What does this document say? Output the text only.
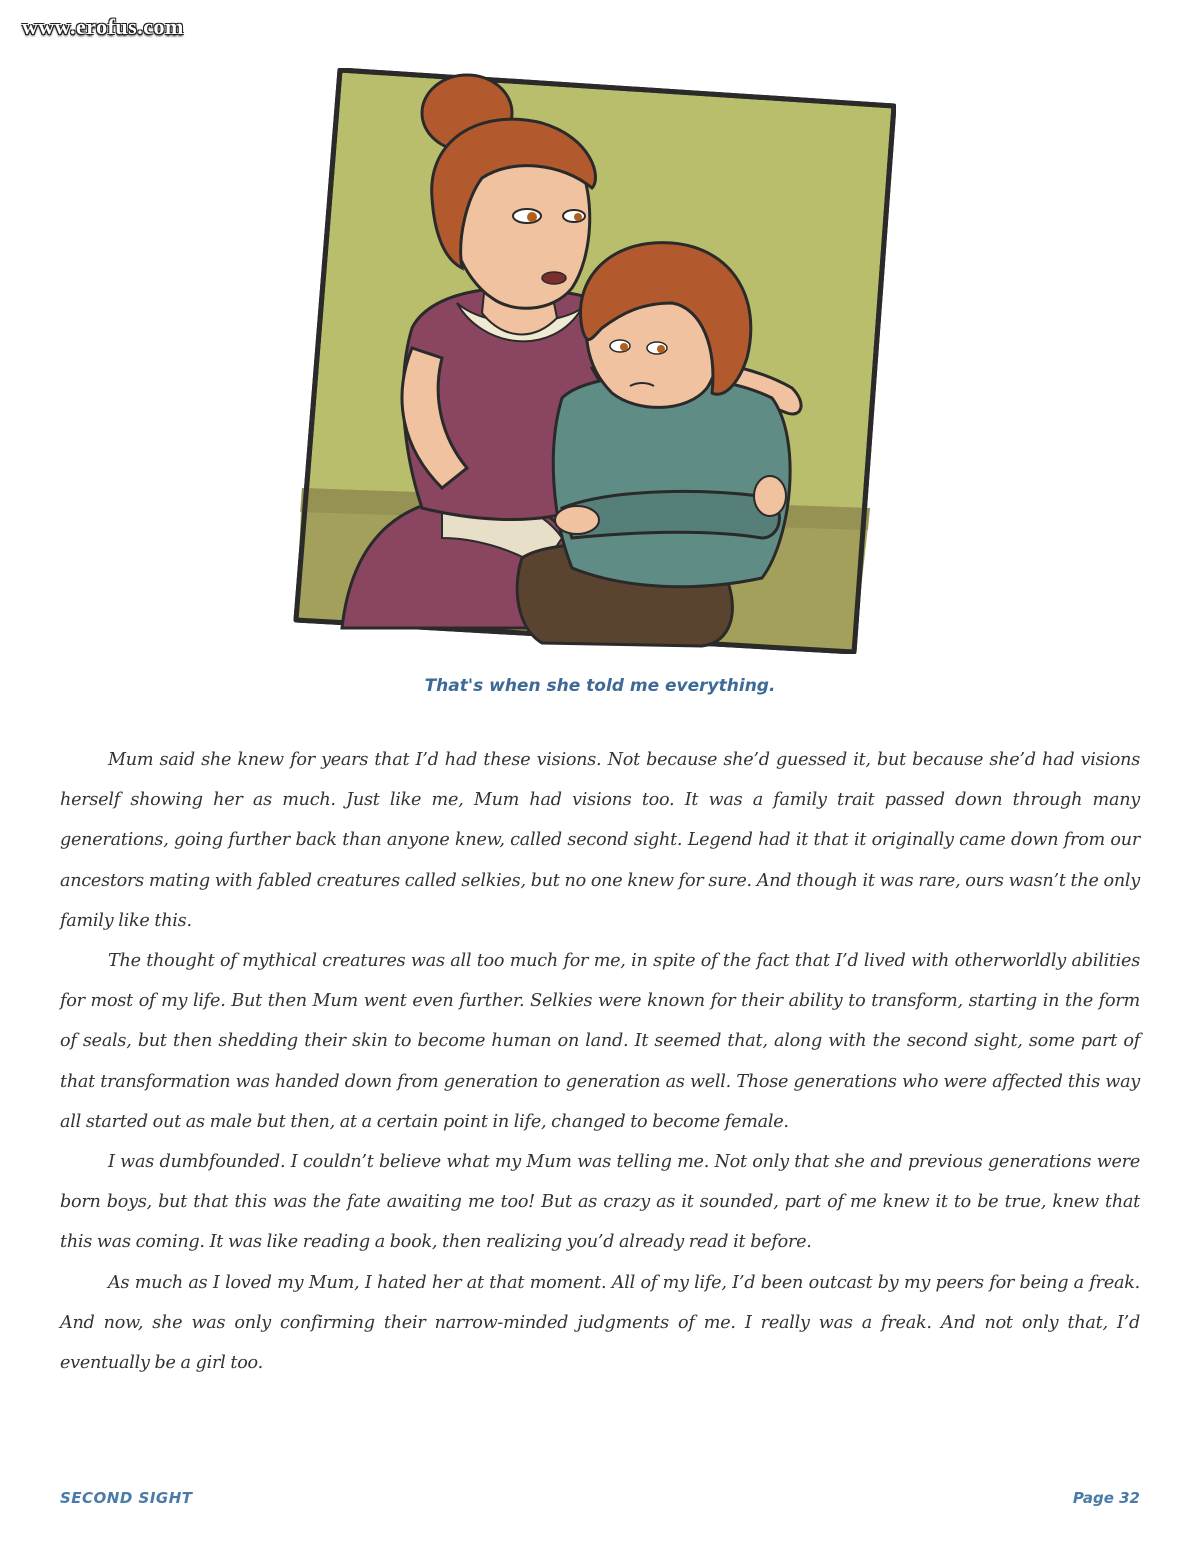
www.erofus.com
That's when she told me everything.

Mum said she knew for years that I’d had these visions. Not because she’d guessed it, but because she’d had visions herself showing her as much. Just like me, Mum had visions too. It was a family trait passed down through many generations, going further back than anyone knew, called second sight. Legend had it that it originally came down from our ancestors mating with fabled creatures called selkies, but no one knew for sure. And though it was rare, ours wasn’t the only family like this.

The thought of mythical creatures was all too much for me, in spite of the fact that I’d lived with otherworldly abilities for most of my life. But then Mum went even further. Selkies were known for their ability to transform, starting in the form of seals, but then shedding their skin to become human on land. It seemed that, along with the second sight, some part of that transformation was handed down from generation to generation as well. Those generations who were affected this way all started out as male but then, at a certain point in life, changed to become female.

I was dumbfounded. I couldn’t believe what my Mum was telling me. Not only that she and previous generations were born boys, but that this was the fate awaiting me too! But as crazy as it sounded, part of me knew it to be true, knew that this was coming. It was like reading a book, then realizing you’d already read it before.

As much as I loved my Mum, I hated her at that moment. All of my life, I’d been outcast by my peers for being a freak. And now, she was only confirming their narrow-minded judgments of me. I really was a freak. And not only that, I’d eventually be a girl too.

SECOND SIGHT	Page 32
